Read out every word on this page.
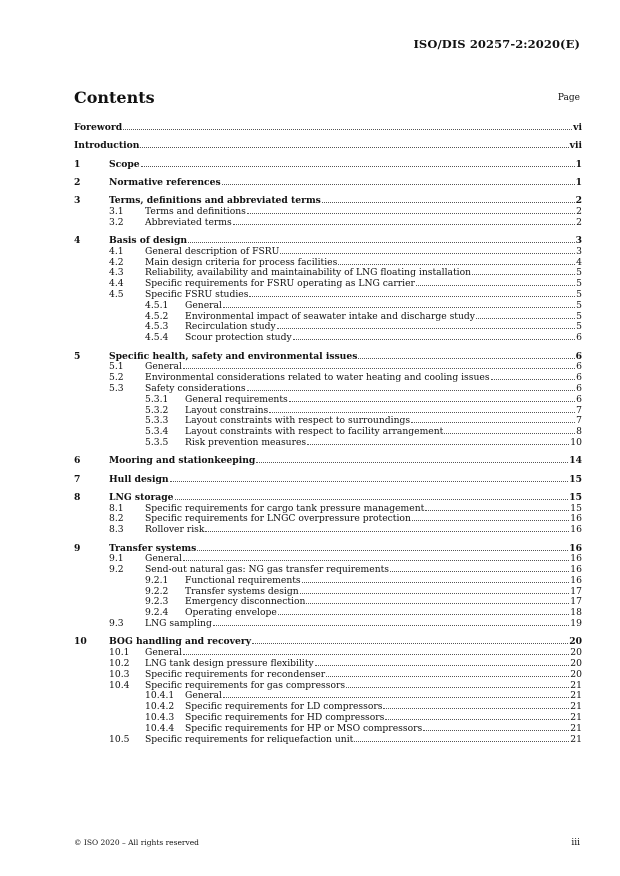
ISO/DIS 20257-2:2020(E)
Contents	Page
Foreword	vi
Introduction	vii
1	Scope	1
2	Normative references	1
3	Terms, definitions and abbreviated terms	2
3.1	Terms and definitions	2
3.2	Abbreviated terms	2
4	Basis of design	3
4.1	General description of FSRU	3
4.2	Main design criteria for process facilities	4
4.3	Reliability, availability and maintainability of LNG floating installation	5
4.4	Specific requirements for FSRU operating as LNG carrier	5
4.5	Specific FSRU studies	5
4.5.1	General	5
4.5.2	Environmental impact of seawater intake and discharge study	5
4.5.3	Recirculation study	5
4.5.4	Scour protection study	6
5	Specific health, safety and environmental issues	6
5.1	General	6
5.2	Environmental considerations related to water heating and cooling issues	6
5.3	Safety considerations	6
5.3.1	General requirements	6
5.3.2	Layout constrains	7
5.3.3	Layout constraints with respect to surroundings	7
5.3.4	Layout constraints with respect to facility arrangement	8
5.3.5	Risk prevention measures	10
6	Mooring and stationkeeping	14
7	Hull design	15
8	LNG storage	15
8.1	Specific requirements for cargo tank pressure management	15
8.2	Specific requirements for LNGC overpressure protection	16
8.3	Rollover risk	16
9	Transfer systems	16
9.1	General	16
9.2	Send-out natural gas: NG gas transfer requirements	16
9.2.1	Functional requirements	16
9.2.2	Transfer systems design	17
9.2.3	Emergency disconnection	17
9.2.4	Operating envelope	18
9.3	LNG sampling	19
10	BOG handling and recovery	20
10.1	General	20
10.2	LNG tank design pressure flexibility	20
10.3	Specific requirements for recondenser	20
10.4	Specific requirements for gas compressors	21
10.4.1	General	21
10.4.2	Specific requirements for LD compressors	21
10.4.3	Specific requirements for HD compressors	21
10.4.4	Specific requirements for HP or MSO compressors	21
10.5	Specific requirements for reliquefaction unit	21
© ISO 2020 – All rights reserved	iii
